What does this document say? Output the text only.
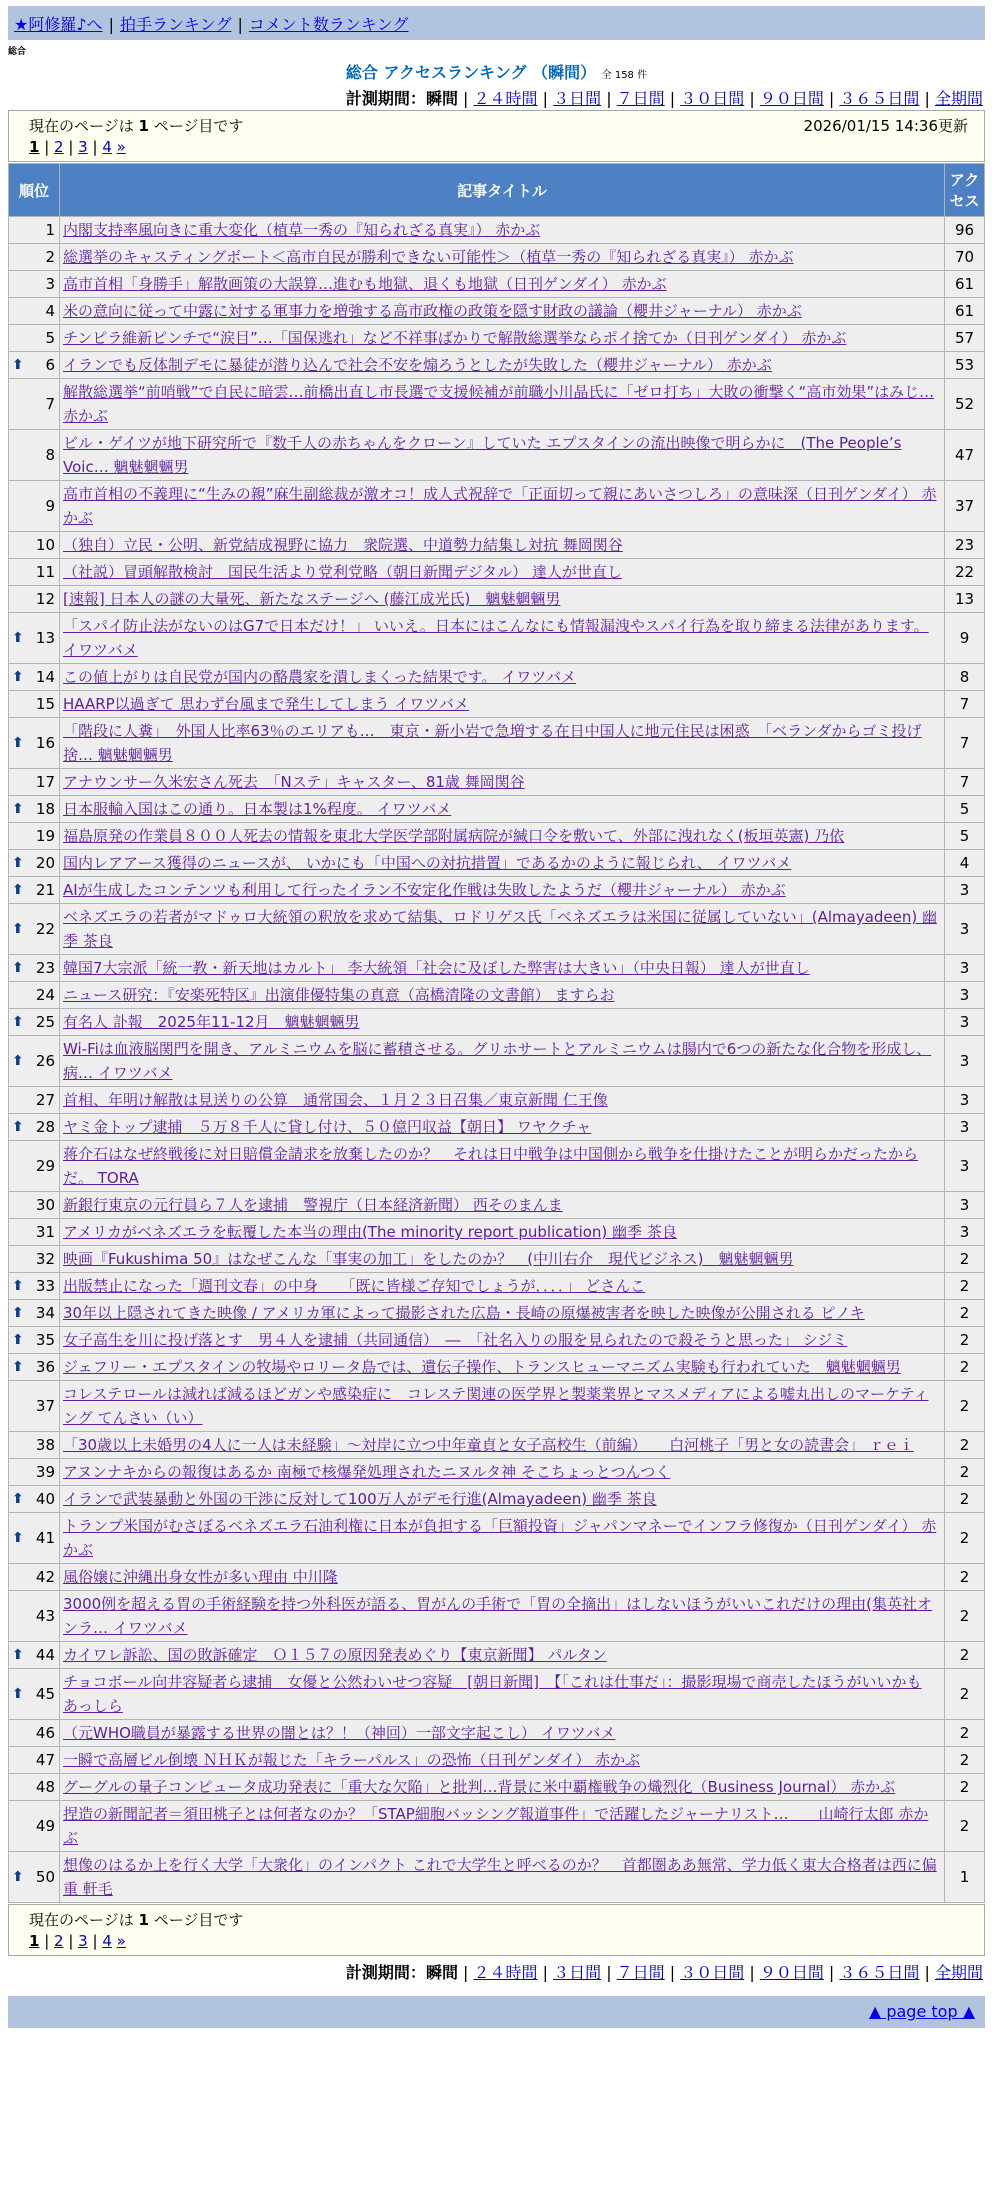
★阿修羅♪へ | 拍手ランキング | コメント数ランキング
総合
総合 アクセスランキング （瞬間） 全 158 件
計測期間：瞬間 | ２４時間 | ３日間 | ７日間 | ３０日間 | ９０日間 | ３６５日間 | 全期間
現在のページは 1 ページ目です	2026/01/15 14:36更新
1 | 2 | 3 | 4 »
順位	記事タイトル	アクセス
1	内閣支持率風向きに重大変化（植草一秀の『知られざる真実』） 赤かぶ	96
2	総選挙のキャスティングボート＜高市自民が勝利できない可能性＞（植草一秀の『知られざる真実』） 赤かぶ	70
3	高市首相「身勝手」解散画策の大誤算…進むも地獄、退くも地獄（日刊ゲンダイ） 赤かぶ	61
4	米の意向に従って中露に対する軍事力を増強する高市政権の政策を隠す財政の議論（櫻井ジャーナル） 赤かぶ	61
5	チンピラ維新ピンチで“涙目”…「国保逃れ」など不祥事ばかりで解散総選挙ならポイ捨てか（日刊ゲンダイ） 赤かぶ	57

⬆ 6	イランでも反体制デモに暴徒が潜り込んで社会不安を煽ろうとしたが失敗した（櫻井ジャーナル） 赤かぶ	53
7	解散総選挙“前哨戦”で自民に暗雲…前橋出直し市長選で支援候補が前職小川晶氏に「ゼロ打ち」大敗の衝撃く“高市効果”はみじ… 赤かぶ	52
8	ビル・ゲイツが地下研究所で『数千人の赤ちゃんをクローン』していた エプスタインの流出映像で明らかに　(The People’s Voic… 魑魅魍魎男	47
9	高市首相の不義理に“生みの親”麻生副総裁が激オコ！成人式祝辞で「正面切って親にあいさつしろ」の意味深（日刊ゲンダイ） 赤かぶ	37
10	（独自）立民・公明、新党結成視野に協力　衆院選、中道勢力結集し対抗 舞岡関谷	23
11	（社説）冒頭解散検討　国民生活より党利党略（朝日新聞デジタル） 達人が世直し	22
12	[速報] 日本人の謎の大量死、新たなステージへ (藤江成光氏)　魑魅魍魎男	13

⬆ 13	「スパイ防止法がないのはG7で日本だけ！」 いいえ。日本にはこんなにも情報漏洩やスパイ行為を取り締まる法律があります。 イワツバメ	9

⬆ 14	この値上がりは自民党が国内の酪農家を潰しまくった結果です。 イワツバメ	8
15	HAARP以過ぎて 思わず台風まで発生してしまう イワツバメ	7

⬆ 16	「階段に人糞」　外国人比率63％のエリアも…　東京・新小岩で急増する在日中国人に地元住民は困惑　「ベランダからゴミ投げ捨… 魑魅魍魎男	7
17	アナウンサー久米宏さん死去　「Nステ」キャスター、81歳 舞岡関谷	7

⬆ 18	日本服輸入国はこの通り。日本製は1%程度。 イワツバメ	5
19	福島原発の作業員８００人死去の情報を東北大学医学部附属病院が緘口令を敷いて、外部に洩れなく(板垣英憲) 乃依	5

⬆ 20	国内レアアース獲得のニュースが、 いかにも「中国への対抗措置」であるかのように報じられ、 イワツバメ	4

⬆ 21	AIが生成したコンテンツも利用して行ったイラン不安定化作戦は失敗したようだ（櫻井ジャーナル） 赤かぶ	3

⬆ 22	ベネズエラの若者がマドゥロ大統領の釈放を求めて結集、ロドリゲス氏「ベネズエラは米国に従属していない」(Almayadeen) 幽季 茶良	3

⬆ 23	韓国7大宗派「統一教・新天地はカルト」 李大統領「社会に及ぼした弊害は大きい」（中央日報） 達人が世直し	3
24	ニュース研究：『安楽死特区』出演俳優特集の真意（高橋清隆の文書館） ますらお	3

⬆ 25	有名人 訃報　2025年11-12月　魑魅魍魎男	3

⬆ 26	Wi-Fiは血液脳関門を開き、アルミニウムを脳に蓄積させる。グリホサートとアルミニウムは腸内で6つの新たな化合物を形成し、病… イワツバメ	3
27	首相、年明け解散は見送りの公算　通常国会、１月２３日召集／東京新聞 仁王像	3

⬆ 28	ヤミ金トップ逮捕　５万８千人に貸し付け、５０億円収益【朝日】 ワヤクチャ	3
29	蒋介石はなぜ終戦後に対日賠償金請求を放棄したのか？　それは日中戦争は中国側から戦争を仕掛けたことが明らかだったからだ。 TORA	3
30	新銀行東京の元行員ら７人を逮捕　警視庁（日本経済新聞） 西そのまんま	3
31	アメリカがベネズエラを転覆した本当の理由(The minority report publication) 幽季 茶良	3
32	映画『Fukushima 50』はなぜこんな「事実の加工」をしたのか？　(中川右介　現代ビジネス)　魑魅魍魎男	2

⬆ 33	出版禁止になった「週刊文春」の中身　　「既に皆様ご存知でしょうが．．．．」 どさんこ	2

⬆ 34	30年以上隠されてきた映像 / アメリカ軍によって撮影された広島・長崎の原爆被害者を映した映像が公開される ピノキ	2

⬆ 35	女子高生を川に投げ落とす　男４人を逮捕（共同通信）　―　「社名入りの服を見られたので殺そうと思った」 シジミ	2

⬆ 36	ジェフリー・エプスタインの牧場やロリータ島では、遺伝子操作、トランスヒューマニズム実験も行われていた　魑魅魍魎男	2
37	コレステロールは減れば減るほどガンや感染症に　コレステ関連の医学界と製薬業界とマスメディアによる嘘丸出しのマーケティング てんさい（い）	2
38	「30歳以上未婚男の4人に一人は未経験」〜対岸に立つ中年童貞と女子高校生（前編）　　白河桃子「男と女の読書会」 ｒｅｉ	2
39	アヌンナキからの報復はあるか 南極で核爆発処理されたニヌルタ神 そこちょっとつんつく	2

⬆ 40	イランで武装暴動と外国の干渉に反対して100万人がデモ行進(Almayadeen) 幽季 茶良	2

⬆ 41	トランプ米国がむさぼるベネズエラ石油利権に日本が負担する「巨額投資」ジャパンマネーでインフラ修復か（日刊ゲンダイ） 赤かぶ	2
42	風俗嬢に沖縄出身女性が多い理由 中川隆	2
43	3000例を超える胃の手術経験を持つ外科医が語る、胃がんの手術で「胃の全摘出」はしないほうがいいこれだけの理由(集英社オンラ… イワツバメ	2

⬆ 44	カイワレ訴訟、国の敗訴確定　Ｏ１５７の原因発表めぐり【東京新聞】 パルタン	2

⬆ 45	チョコボール向井容疑者ら逮捕　女優と公然わいせつ容疑　[朝日新聞]　【「これは仕事だ」：撮影現場で商売したほうがいいかも あっしら	2
46	（元WHO職員が暴露する世界の闇とは？！（神回）一部文字起こし） イワツバメ	2
47	一瞬で高層ビル倒壊 ＮＨＫが報じた「キラーパルス」の恐怖（日刊ゲンダイ） 赤かぶ	2
48	グーグルの量子コンピュータ成功発表に「重大な欠陥」と批判…背景に米中覇権戦争の熾烈化（Business Journal） 赤かぶ	2
49	捏造の新聞記者＝須田桃子とは何者なのか？「STAP細胞バッシング報道事件」で活躍したジャーナリスト…　　山崎行太郎 赤かぶ	2

⬆ 50	想像のはるか上を行く大学「大衆化」のインパクト これで大学生と呼べるのか？　首都圏ああ無常、学力低く東大合格者は西に偏重 軒毛	1
現在のページは 1 ページ目です
1 | 2 | 3 | 4 »
計測期間：瞬間 | ２４時間 | ３日間 | ７日間 | ３０日間 | ９０日間 | ３６５日間 | 全期間
▲ page top ▲
